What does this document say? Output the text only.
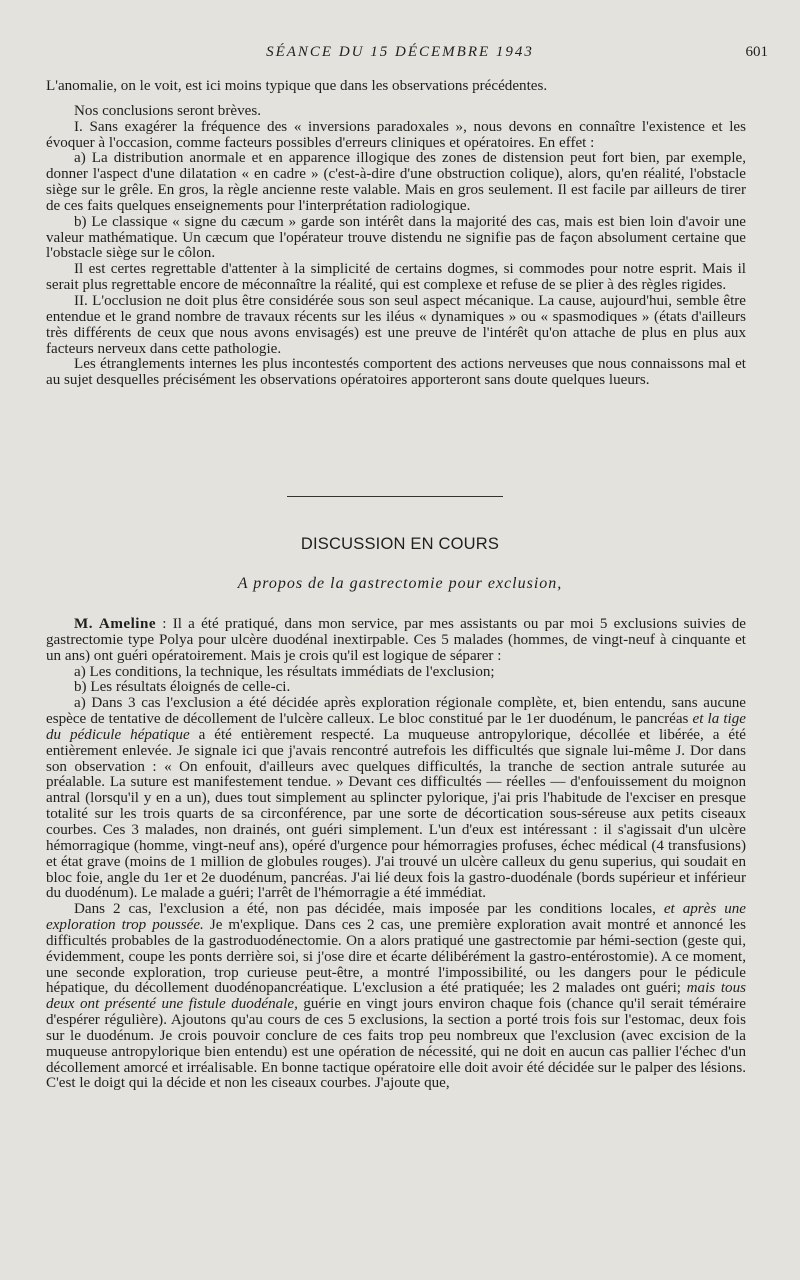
SÉANCE DU 15 DÉCEMBRE 1943	601

L'anomalie, on le voit, est ici moins typique que dans les observations précédentes.

Nos conclusions seront brèves.

I. Sans exagérer la fréquence des « inversions paradoxales », nous devons en connaître l'existence et les évoquer à l'occasion, comme facteurs possibles d'erreurs cliniques et opératoires. En effet :

a) La distribution anormale et en apparence illogique des zones de distension peut fort bien, par exemple, donner l'aspect d'une dilatation « en cadre » (c'est-à-dire d'une obstruction colique), alors, qu'en réalité, l'obstacle siège sur le grêle. En gros, la règle ancienne reste valable. Mais en gros seulement. Il est facile par ailleurs de tirer de ces faits quelques enseignements pour l'interprétation radiologique.

b) Le classique « signe du cæcum » garde son intérêt dans la majorité des cas, mais est bien loin d'avoir une valeur mathématique. Un cæcum que l'opérateur trouve distendu ne signifie pas de façon absolument certaine que l'obstacle siège sur le côlon.

Il est certes regrettable d'attenter à la simplicité de certains dogmes, si commodes pour notre esprit. Mais il serait plus regrettable encore de méconnaître la réalité, qui est complexe et refuse de se plier à des règles rigides.

II. L'occlusion ne doit plus être considérée sous son seul aspect mécanique. La cause, aujourd'hui, semble être entendue et le grand nombre de travaux récents sur les iléus « dynamiques » ou « spasmodiques » (états d'ailleurs très différents de ceux que nous avons envisagés) est une preuve de l'intérêt qu'on attache de plus en plus aux facteurs nerveux dans cette pathologie.

Les étranglements internes les plus incontestés comportent des actions nerveuses que nous connaissons mal et au sujet desquelles précisément les observations opératoires apporteront sans doute quelques lueurs.

DISCUSSION EN COURS
A propos de la gastrectomie pour exclusion,

M. Ameline : Il a été pratiqué, dans mon service, par mes assistants ou par moi 5 exclusions suivies de gastrectomie type Polya pour ulcère duodénal inextirpable. Ces 5 malades (hommes, de vingt-neuf à cinquante et un ans) ont guéri opératoirement. Mais je crois qu'il est logique de séparer :

a) Les conditions, la technique, les résultats immédiats de l'exclusion;

b) Les résultats éloignés de celle-ci.

a) Dans 3 cas l'exclusion a été décidée après exploration régionale complète, et, bien entendu, sans aucune espèce de tentative de décollement de l'ulcère calleux. Le bloc constitué par le 1er duodénum, le pancréas et la tige du pédicule hépatique a été entièrement respecté. La muqueuse antropylorique, décollée et libérée, a été entièrement enlevée. Je signale ici que j'avais rencontré autrefois les difficultés que signale lui-même J. Dor dans son observation : « On enfouit, d'ailleurs avec quelques difficultés, la tranche de section antrale suturée au préalable. La suture est manifestement tendue. » Devant ces difficultés — réelles — d'enfouissement du moignon antral (lorsqu'il y en a un), dues tout simplement au splincter pylorique, j'ai pris l'habitude de l'exciser en presque totalité sur les trois quarts de sa circonférence, par une sorte de décortication sous-séreuse aux petits ciseaux courbes. Ces 3 malades, non drainés, ont guéri simplement. L'un d'eux est intéressant : il s'agissait d'un ulcère hémorragique (homme, vingt-neuf ans), opéré d'urgence pour hémorragies profuses, échec médical (4 transfusions) et état grave (moins de 1 million de globules rouges). J'ai trouvé un ulcère calleux du genu superius, qui soudait en bloc foie, angle du 1er et 2e duodénum, pancréas. J'ai lié deux fois la gastro-duodénale (bords supérieur et inférieur du duodénum). Le malade a guéri; l'arrêt de l'hémorragie a été immédiat.

Dans 2 cas, l'exclusion a été, non pas décidée, mais imposée par les conditions locales, et après une exploration trop poussée. Je m'explique. Dans ces 2 cas, une première exploration avait montré et annoncé les difficultés probables de la gastroduodénectomie. On a alors pratiqué une gastrectomie par hémi-section (geste qui, évidemment, coupe les ponts derrière soi, si j'ose dire et écarte délibérément la gastro-entérostomie). A ce moment, une seconde exploration, trop curieuse peut-être, a montré l'impossibilité, ou les dangers pour le pédicule hépatique, du décollement duodénopancréatique. L'exclusion a été pratiquée; les 2 malades ont guéri; mais tous deux ont présenté une fistule duodénale, guérie en vingt jours environ chaque fois (chance qu'il serait téméraire d'espérer régulière). Ajoutons qu'au cours de ces 5 exclusions, la section a porté trois fois sur l'estomac, deux fois sur le duodénum. Je crois pouvoir conclure de ces faits trop peu nombreux que l'exclusion (avec excision de la muqueuse antropylorique bien entendu) est une opération de nécessité, qui ne doit en aucun cas pallier l'échec d'un décollement amorcé et irréalisable. En bonne tactique opératoire elle doit avoir été décidée sur le palper des lésions. C'est le doigt qui la décide et non les ciseaux courbes. J'ajoute que,
